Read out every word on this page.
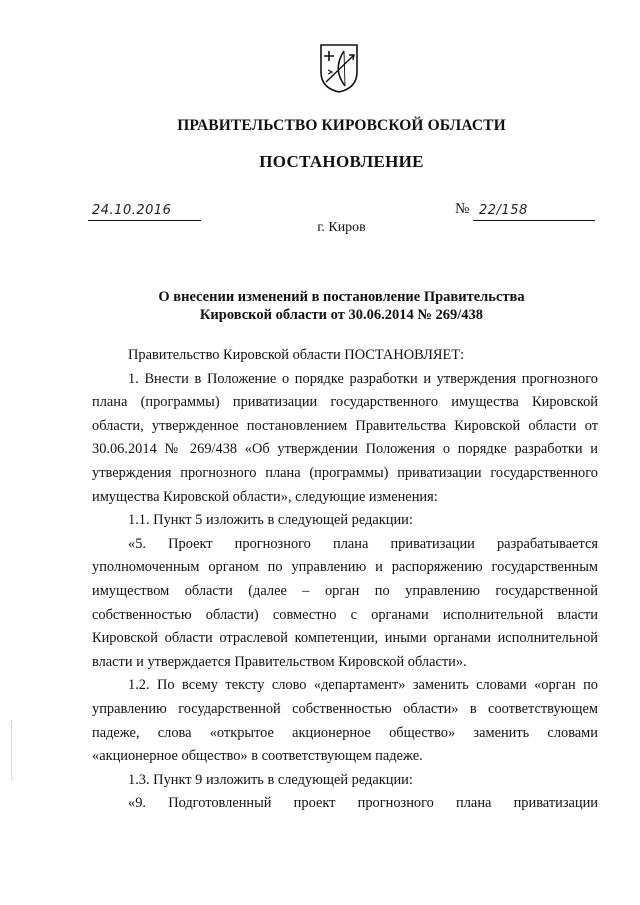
ПРАВИТЕЛЬСТВО КИРОВСКОЙ ОБЛАСТИ
ПОСТАНОВЛЕНИЕ
24.10.2016	№ 22/158
г. Киров
О внесении изменений в постановление Правительства
Кировской области от 30.06.2014 № 269/438

Правительство Кировской области ПОСТАНОВЛЯЕТ:

1. Внести в Положение о порядке разработки и утверждения прогнозного плана (программы) приватизации государственного имущества Кировской области, утвержденное постановлением Правительства Кировской области от 30.06.2014 № 269/438 «Об утверждении Положения о порядке разработки и утверждения прогнозного плана (программы) приватизации государственного имущества Кировской области», следующие изменения:

1.1. Пункт 5 изложить в следующей редакции:

«5. Проект прогнозного плана приватизации разрабатывается уполномоченным органом по управлению и распоряжению государственным имуществом области (далее – орган по управлению государственной собственностью области) совместно с органами исполнительной власти Кировской области отраслевой компетенции, иными органами исполнительной власти и утверждается Правительством Кировской области».

1.2. По всему тексту слово «департамент» заменить словами «орган по управлению государственной собственностью области» в соответствующем падеже, слова «открытое акционерное общество» заменить словами «акционерное общество» в соответствующем падеже.

1.3. Пункт 9 изложить в следующей редакции:

«9. Подготовленный проект прогнозного плана приватизации
